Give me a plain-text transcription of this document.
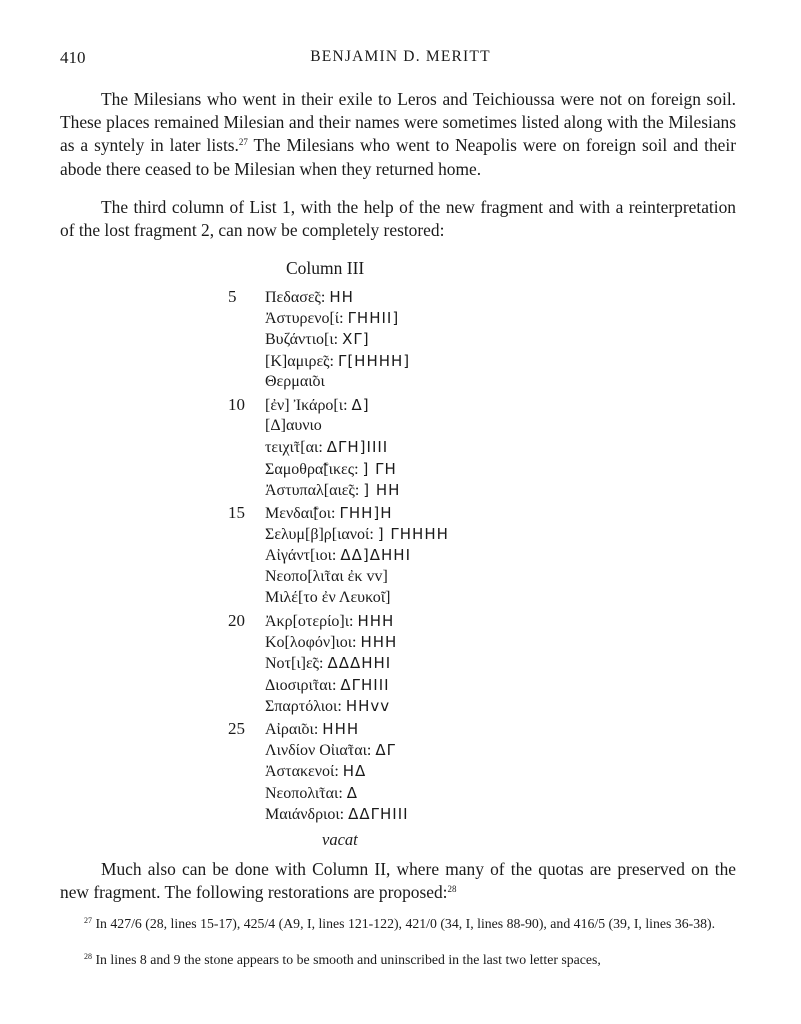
410	BENJAMIN D. MERITT

The Milesians who went in their exile to Leros and Teichioussa were not on foreign soil. These places remained Milesian and their names were sometimes listed along with the Milesians as a syntely in later lists.$^{27}$ The Milesians who went to Neapolis were on foreign soil and their abode there ceased to be Milesian when they returned home.

The third column of List 1, with the help of the new fragment and with a reinterpretation of the lost fragment 2, can now be completely restored:

Column III
5 Πεδασε̃ς: HH
Ἀστυρενο[ί: ΓΗΗΙΙ]
Βυζάντιο[ι: ΧΓ]
[Κ]αμιρε̃ς: Γ[ΗΗΗΗ]
Θερμαι̃οι
10 [ἐν] Ἰκάρο[ι: Δ]
[Δ]αυνιο
τειχι̃τ[αι: ΔΓΗ]ΙΙΙΙ
Σαμοθρα̃[ικες: ] ΓΗ
Ἀστυπαλ[αιε̃ς: ] ΗΗ
15 Μενδαι̃[οι: ΓΗΗ]Η
Σελυμ[β]ρ[ιανοί: ] ΓΗΗΗΗ
Αἰγάντ[ιοι: ΔΔ]ΔΗΗΙ
Νεοπο[λι̃ται ἐκ vv]
Μιλέ[το ἐν Λευκο̃ι]
20 Ἀκρ[οτερίο]ι: ΗΗΗ
Κο[λοφόν]ιοι: ΗΗΗ
Νοτ[ι]ε̃ς: ΔΔΔΗΗΙ
Διοσιρι̃ται: ΔΓΗΙΙΙ
Σπαρτόλιοι: ΗΗvv
25 Αἰραι̃οι: ΗΗΗ
Λινδίον Οἰια̃ται: ΔΓ
Ἀστακενοί: ΗΔ
Νεοπολι̃ται: Δ
Μαιάνδριοι: ΔΔΓΗΙΙΙ
vacat

Much also can be done with Column II, where many of the quotas are preserved on the new fragment. The following restorations are proposed:$^{28}$

$^{27}$ In 427/6 (28, lines 15-17), 425/4 (A9, I, lines 121-122), 421/0 (34, I, lines 88-90), and 416/5 (39, I, lines 36-38).

$^{28}$ In lines 8 and 9 the stone appears to be smooth and uninscribed in the last two letter spaces,
